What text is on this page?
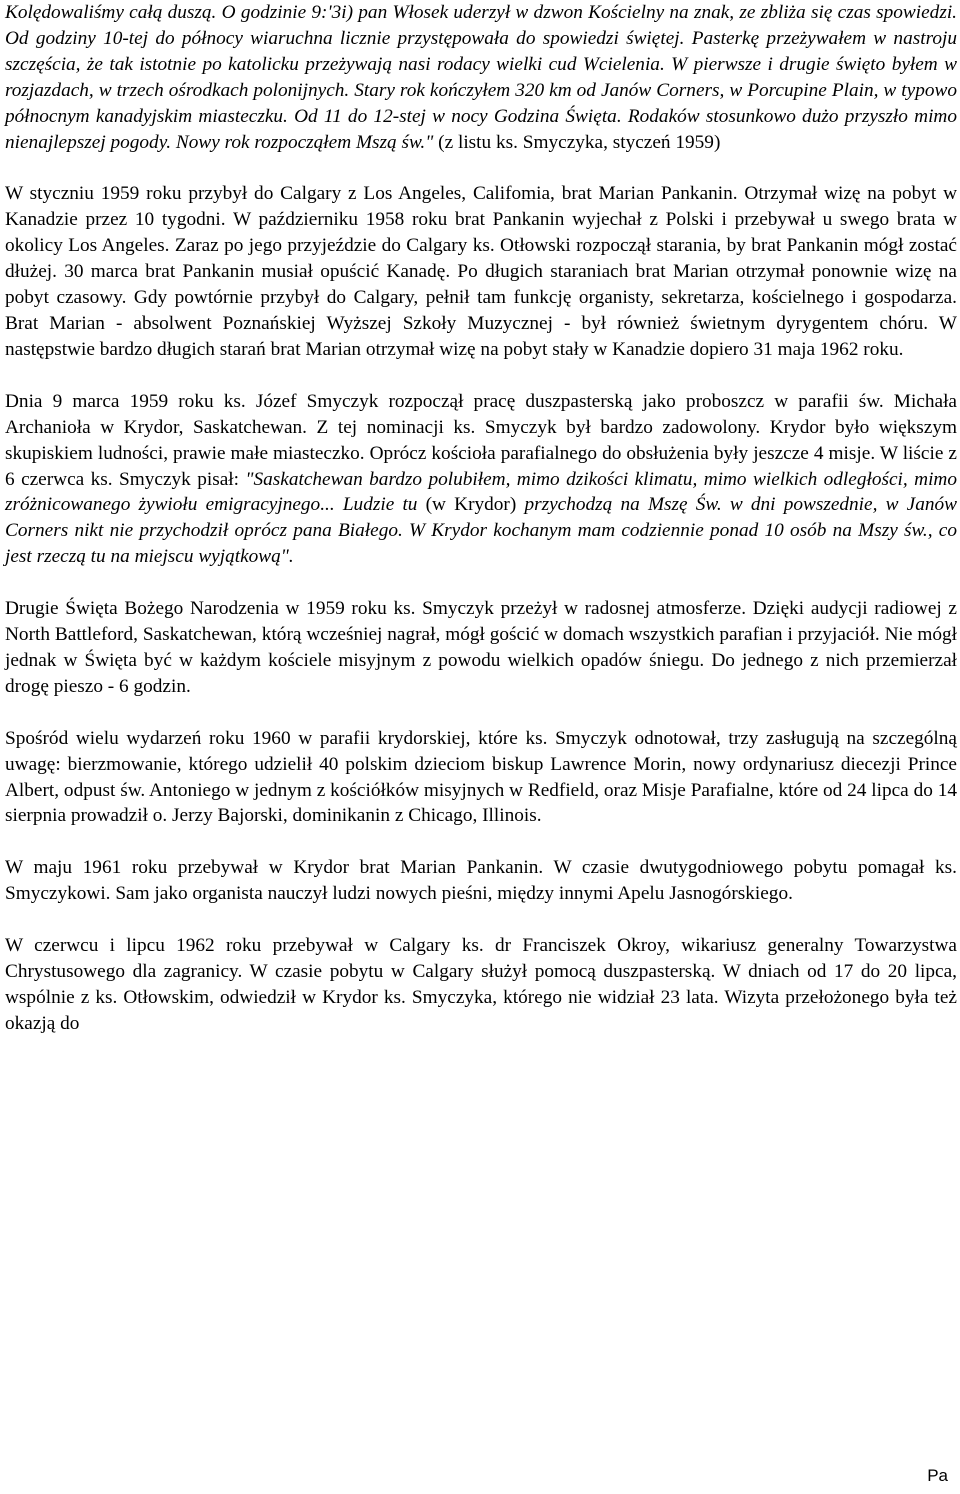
Kolędowaliśmy całą duszą. O godzinie 9:'3i) pan Włosek uderzył w dzwon Kościelny na znak, ze zbliża się czas spowiedzi. Od godziny 10-tej do północy wiaruchna licznie przystępowała do spowiedzi świętej. Pasterkę przeżywałem w nastroju szczęścia, że tak istotnie po katolicku przeżywają nasi rodacy wielki cud Wcielenia. W pierwsze i drugie święto byłem w rozjazdach, w trzech ośrodkach polonijnych. Stary rok kończyłem 320 km od Janów Corners, w Porcupine Plain, w typowo północnym kanadyjskim miasteczku. Od 11 do 12-stej w nocy Godzina Święta. Rodaków stosunkowo dużo przyszło mimo nienajlepszej pogody. Nowy rok rozpocząłem Mszą św." (z listu ks. Smyczyka, styczeń 1959)

W styczniu 1959 roku przybył do Calgary z Los Angeles, Califomia, brat Marian Pankanin. Otrzymał wizę na pobyt w Kanadzie przez 10 tygodni. W październiku 1958 roku brat Pankanin wyjechał z Polski i przebywał u swego brata w okolicy Los Angeles. Zaraz po jego przyjeździe do Calgary ks. Otłowski rozpoczął starania, by brat Pankanin mógł zostać dłużej. 30 marca brat Pankanin musiał opuścić Kanadę. Po długich staraniach brat Marian otrzymał ponownie wizę na pobyt czasowy. Gdy powtórnie przybył do Calgary, pełnił tam funkcję organisty, sekretarza, kościelnego i gospodarza. Brat Marian - absolwent Poznańskiej Wyższej Szkoły Muzycznej - był również świetnym dyrygentem chóru. W następstwie bardzo długich starań brat Marian otrzymał wizę na pobyt stały w Kanadzie dopiero 31 maja 1962 roku.

Dnia 9 marca 1959 roku ks. Józef Smyczyk rozpoczął pracę duszpasterską jako proboszcz w parafii św. Michała Archanioła w Krydor, Saskatchewan. Z tej nominacji ks. Smyczyk był bardzo zadowolony. Krydor było większym skupiskiem ludności, prawie małe miasteczko. Oprócz kościoła parafialnego do obsłużenia były jeszcze 4 misje. W liście z 6 czerwca ks. Smyczyk pisał: "Saskatchewan bardzo polubiłem, mimo dzikości klimatu, mimo wielkich odległości, mimo zróżnicowanego żywiołu emigracyjnego... Ludzie tu (w Krydor) przychodzą na Mszę Św. w dni powszednie, w Janów Corners nikt nie przychodził oprócz pana Białego. W Krydor kochanym mam codziennie ponad 10 osób na Mszy św., co jest rzeczą tu na miejscu wyjątkową".

Drugie Święta Bożego Narodzenia w 1959 roku ks. Smyczyk przeżył w radosnej atmosferze. Dzięki audycji radiowej z North Battleford, Saskatchewan, którą wcześniej nagrał, mógł gościć w domach wszystkich parafian i przyjaciół. Nie mógł jednak w Święta być w każdym kościele misyjnym z powodu wielkich opadów śniegu. Do jednego z nich przemierzał drogę pieszo - 6 godzin.

Spośród wielu wydarzeń roku 1960 w parafii krydorskiej, które ks. Smyczyk odnotował, trzy zasługują na szczególną uwagę: bierzmowanie, którego udzielił 40 polskim dzieciom biskup Lawrence Morin, nowy ordynariusz diecezji Prince Albert, odpust św. Antoniego w jednym z kościółków misyjnych w Redfield, oraz Misje Parafialne, które od 24 lipca do 14 sierpnia prowadził o. Jerzy Bajorski, dominikanin z Chicago, Illinois.

W maju 1961 roku przebywał w Krydor brat Marian Pankanin. W czasie dwutygodniowego pobytu pomagał ks. Smyczykowi. Sam jako organista nauczył ludzi nowych pieśni, między innymi Apelu Jasnogórskiego.

W czerwcu i lipcu 1962 roku przebywał w Calgary ks. dr Franciszek Okroy, wikariusz generalny Towarzystwa Chrystusowego dla zagranicy. W czasie pobytu w Calgary służył pomocą duszpasterską. W dniach od 17 do 20 lipca, wspólnie z ks. Otłowskim, odwiedził w Krydor ks. Smyczyka, którego nie widział 23 lata. Wizyta przełożonego była też okazją do

Pa
